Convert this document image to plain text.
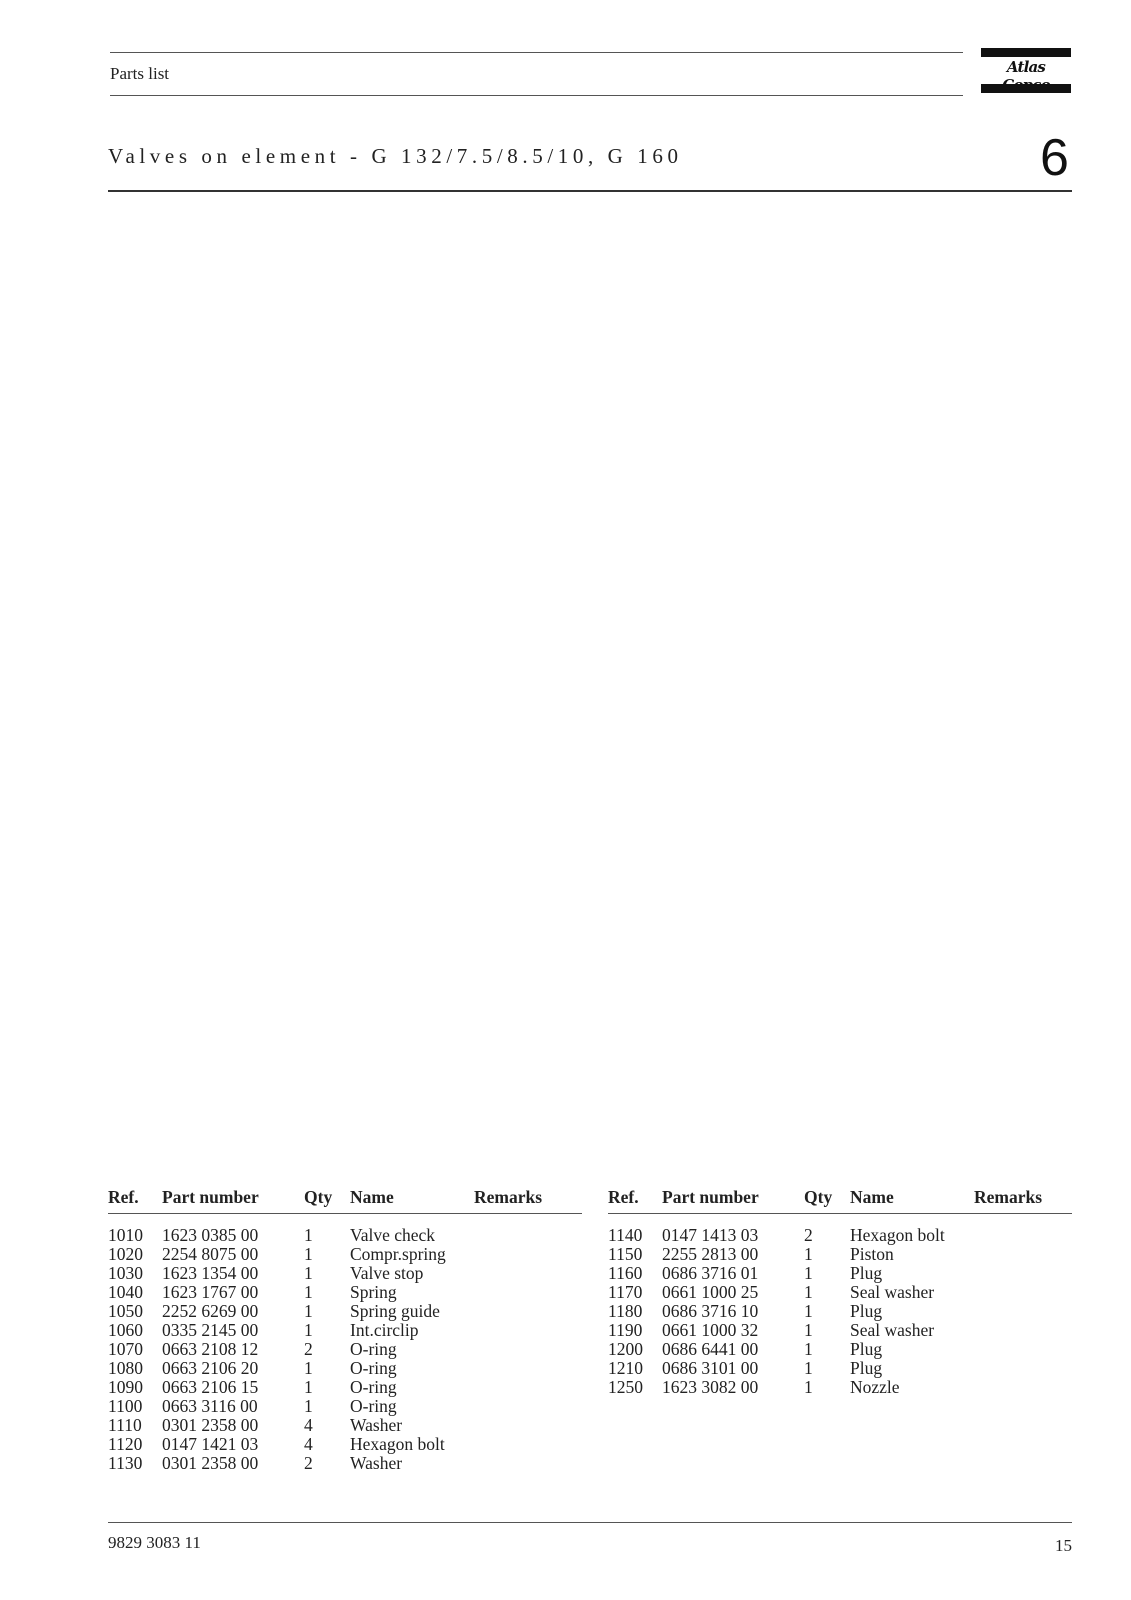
Parts list	Atlas
Valves on element - G 132/7.5/8.5/10, G 160	6
Ref. Part number	Qty Name	Remarks
1010 1623 0385 00	1 Valve check
1020 2254 8075 00	1 Compr.spring
1030 1623 1354 00	1 Valve stop
1040 1623 1767 00	1 Spring
1050 2252 6269 00	1 Spring guide
1060 0335 2145 00	1 Int.circlip
1070 0663 2108 12	2 O-ring
1080 0663 2106 20	1 O-ring
1090 0663 2106 15	1 O-ring
1100 0663 3116 00	1 O-ring
1110 0301 2358 00	4 Washer
1120 0147 1421 03	4 Hexagon bolt
1130 0301 2358 00	2 Washer
Ref. Part number	Qty Name	Remarks
1140 0147 1413 03	2 Hexagon bolt
1150 2255 2813 00	1 Piston
1160 0686 3716 01	1 Plug
1170 0661 1000 25	1 Seal washer
1180 0686 3716 10	1 Plug
1190 0661 1000 32	1 Seal washer
1200 0686 6441 00	1 Plug
1210 0686 3101 00	1 Plug
1250 1623 3082 00	1 Nozzle
9829 3083 11	15
